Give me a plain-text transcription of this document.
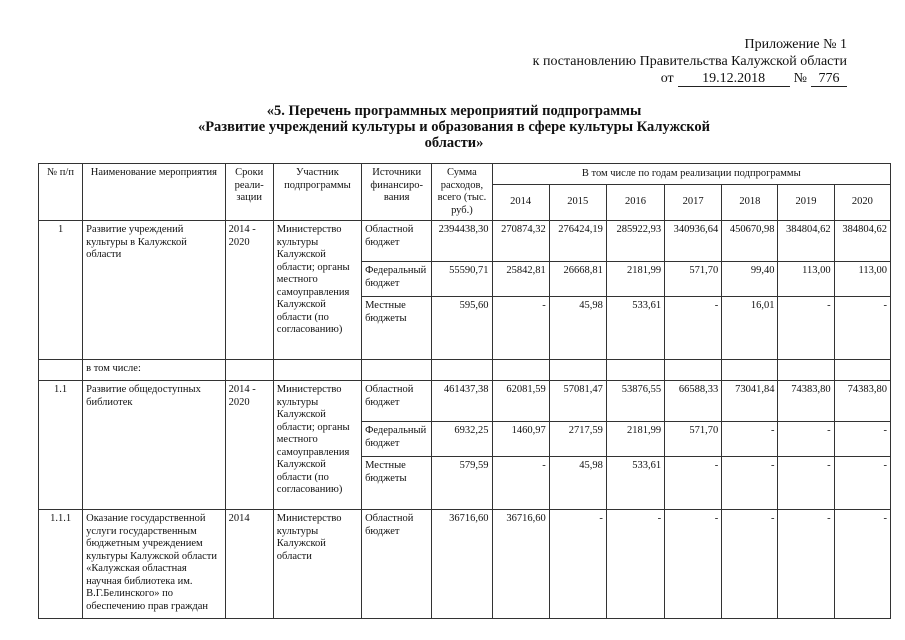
Приложение № 1
к постановлению Правительства Калужской области
от	19.12.2018	№ 776
«5. Перечень программных мероприятий подпрограммы
«Развитие учреждений культуры и образования в сфере культуры Калужской
области»
№ п/п	Наименование мероприятия	Сроки реали-зации	Участник подпрограммы	Источники финансиро-вания	Сумма расходов, всего (тыс. руб.)	В том числе по годам реализации подпрограммы						
						2014	2015	2016	2017	2018	2019	2020
1	Развитие учреждений культуры в Калужской области	2014 - 2020	Министерство культуры Калужской области; органы местного самоуправления Калужской области (по согласованию)	Областной бюджет	2394438,30	270874,32	276424,19	285922,93	340936,64	450670,98	384804,62	384804,62
				Федеральный бюджет	55590,71	25842,81	26668,81	2181,99	571,70	99,40	113,00	113,00
				Местные бюджеты	595,60	-	45,98	533,61	-	16,01	-	-
	в том числе:											
1.1	Развитие общедоступных библиотек	2014 - 2020	Министерство культуры Калужской области; органы местного самоуправления Калужской области (по согласованию)	Областной бюджет	461437,38	62081,59	57081,47	53876,55	66588,33	73041,84	74383,80	74383,80
				Федеральный бюджет	6932,25	1460,97	2717,59	2181,99	571,70	-	-	-
				Местные бюджеты	579,59	-	45,98	533,61	-	-	-	-
1.1.1	Оказание государственной услуги государственным бюджетным учреждением культуры Калужской области «Калужская областная научная библиотека им. В.Г.Белинского» по обеспечению прав граждан	2014	Министерство культуры Калужской области	Областной бюджет	36716,60	36716,60	-	-	-	-	-	-
